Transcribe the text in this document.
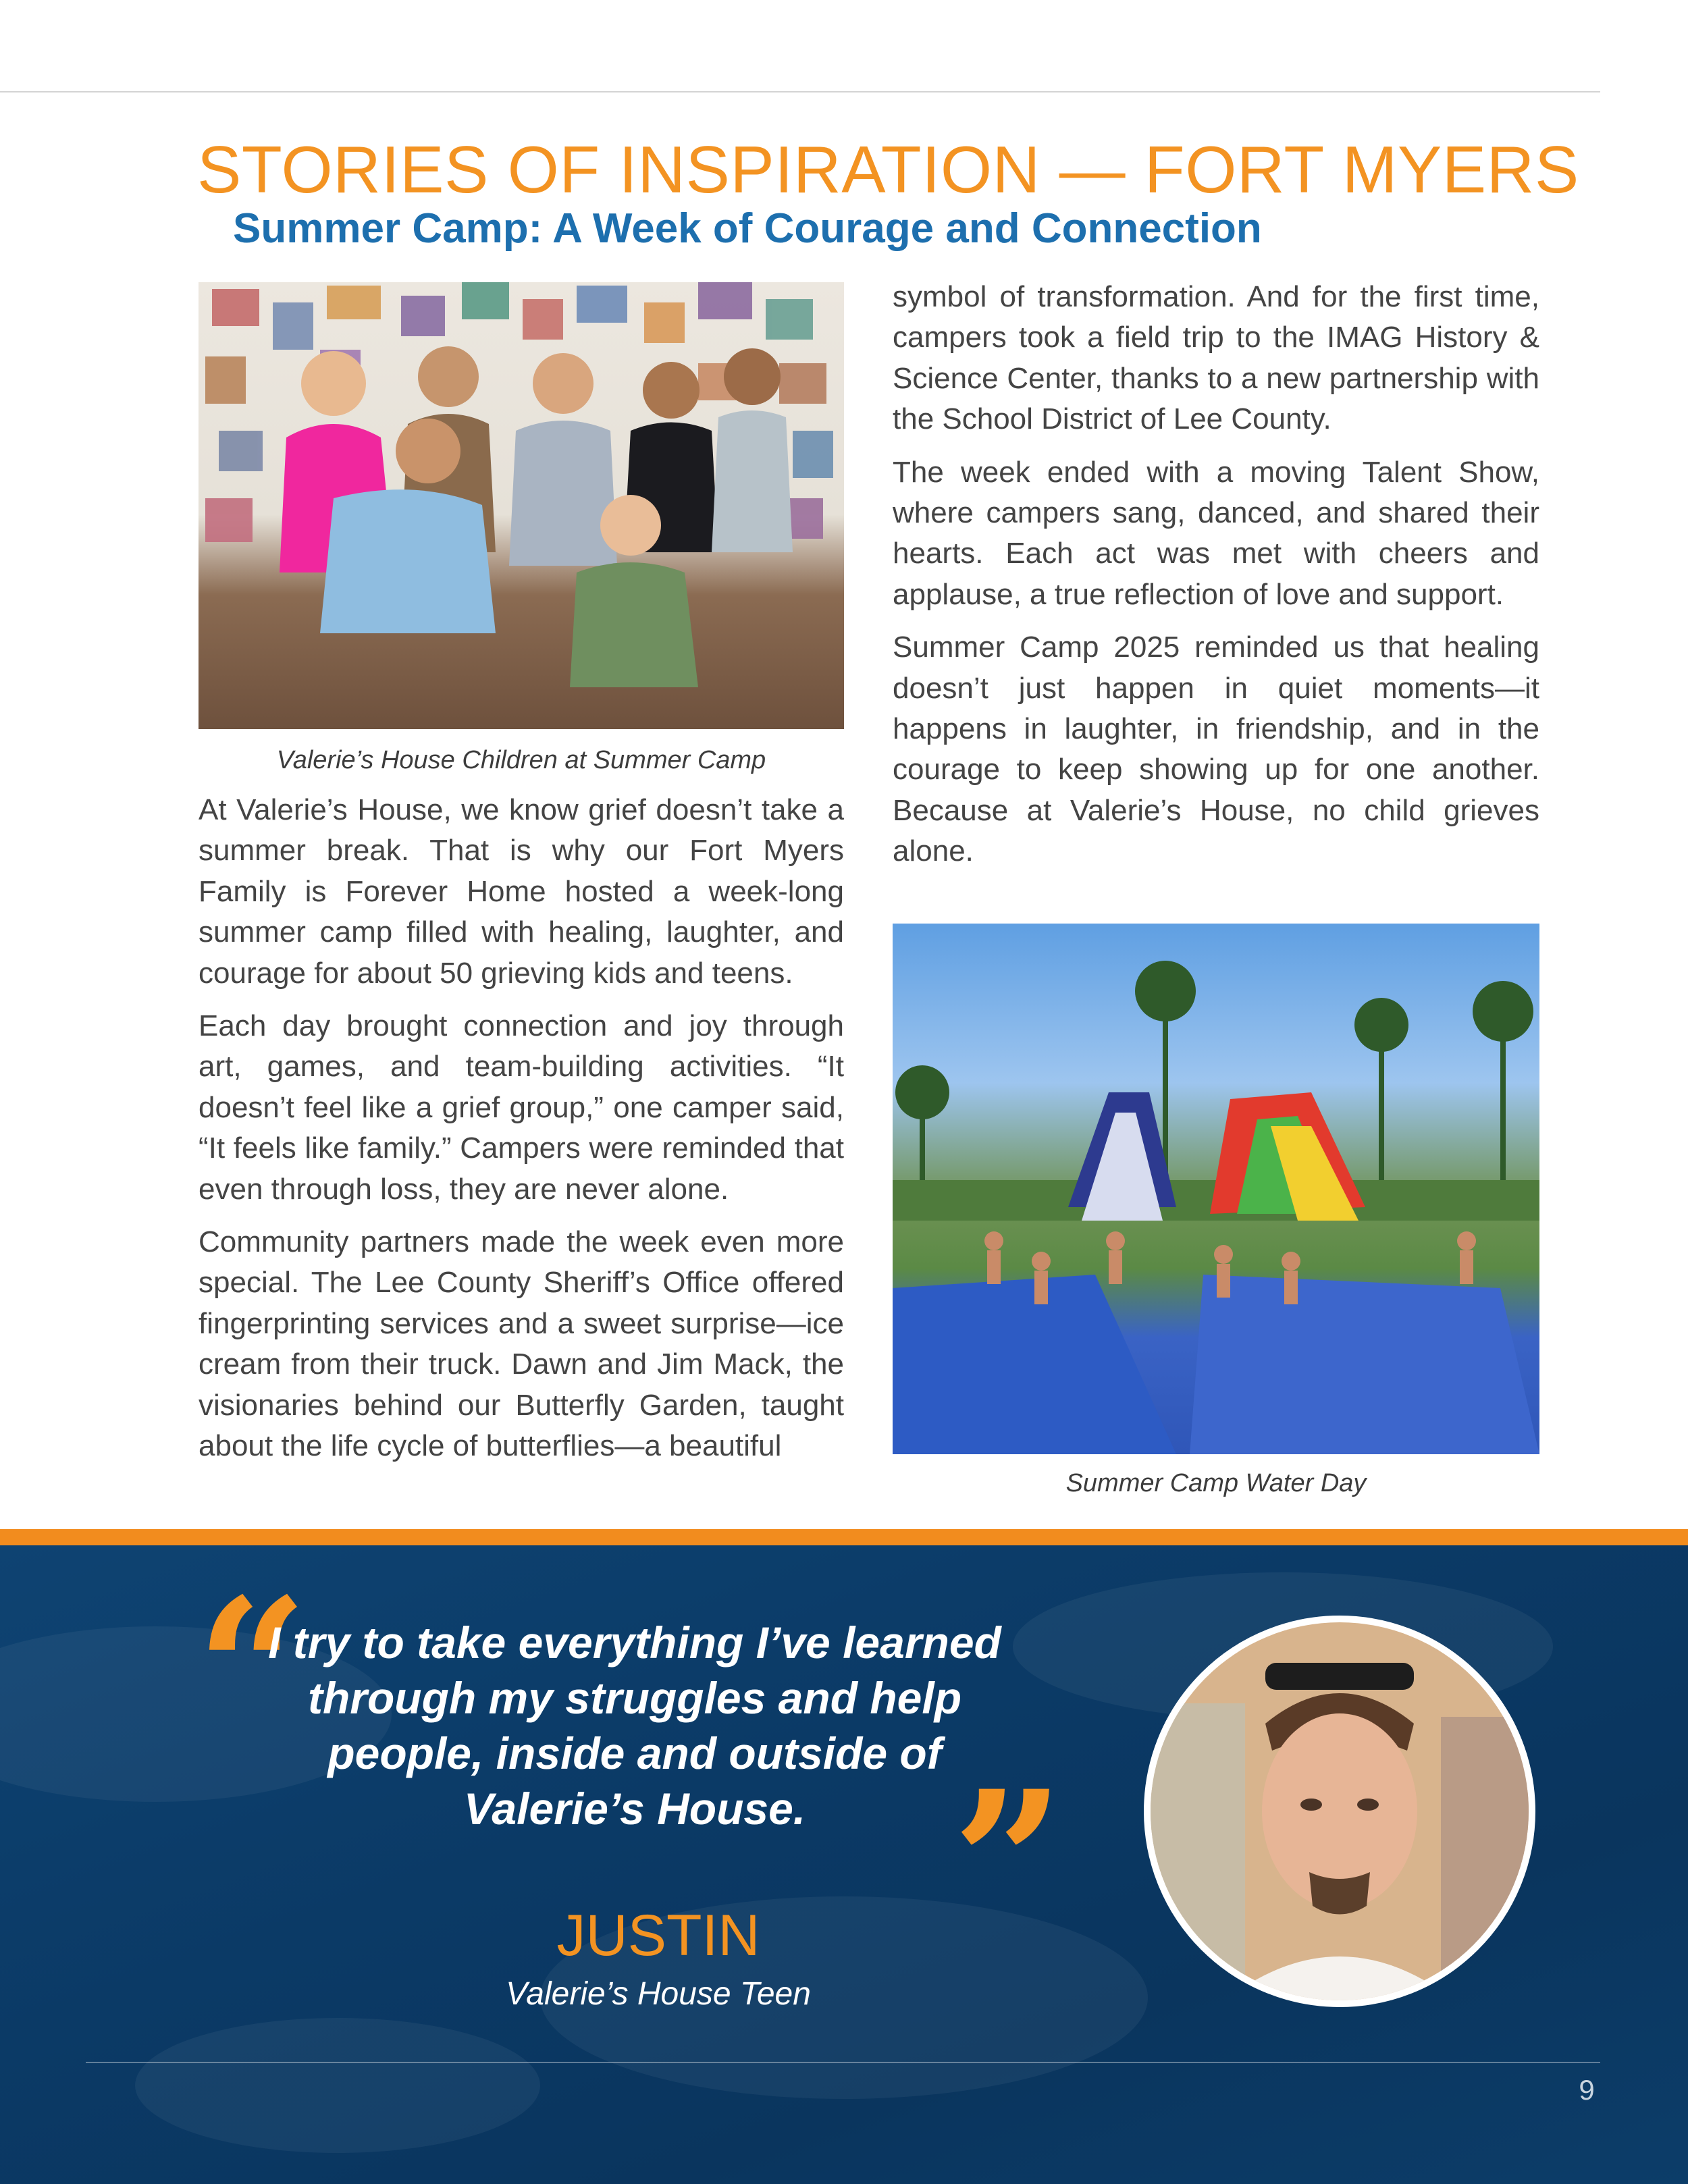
STORIES OF INSPIRATION — FORT MYERS
Summer Camp: A Week of Courage and Connection

Valerie’s House Children at Summer Camp

At Valerie’s House, we know grief doesn’t take a summer break. That is why our Fort Myers Family is Forever Home hosted a week-long summer camp filled with healing, laughter, and courage for about 50 grieving kids and teens.

Each day brought connection and joy through art, games, and team-building activities. “It doesn’t feel like a grief group,” one camper said, “It feels like family.” Campers were reminded that even through loss, they are never alone.

Community partners made the week even more special. The Lee County Sheriff’s Office offered fingerprinting services and a sweet surprise—ice cream from their truck. Dawn and Jim Mack, the visionaries behind our Butterfly Garden, taught about the life cycle of butterflies—a beautiful

symbol of transformation. And for the first time, campers took a field trip to the IMAG History & Science Center, thanks to a new partnership with the School District of Lee County.

The week ended with a moving Talent Show, where campers sang, danced, and shared their hearts. Each act was met with cheers and applause, a true reflection of love and support.

Summer Camp 2025 reminded us that healing doesn’t just happen in quiet moments—it happens in laughter, in friendship, and in the courage to keep showing up for one another. Because at Valerie’s House, no child grieves alone.

Summer Camp Water Day

“

I try to take everything I’ve learned through my struggles and help people, inside and outside of Valerie’s House. ”

JUSTIN

Valerie’s House Teen

9
